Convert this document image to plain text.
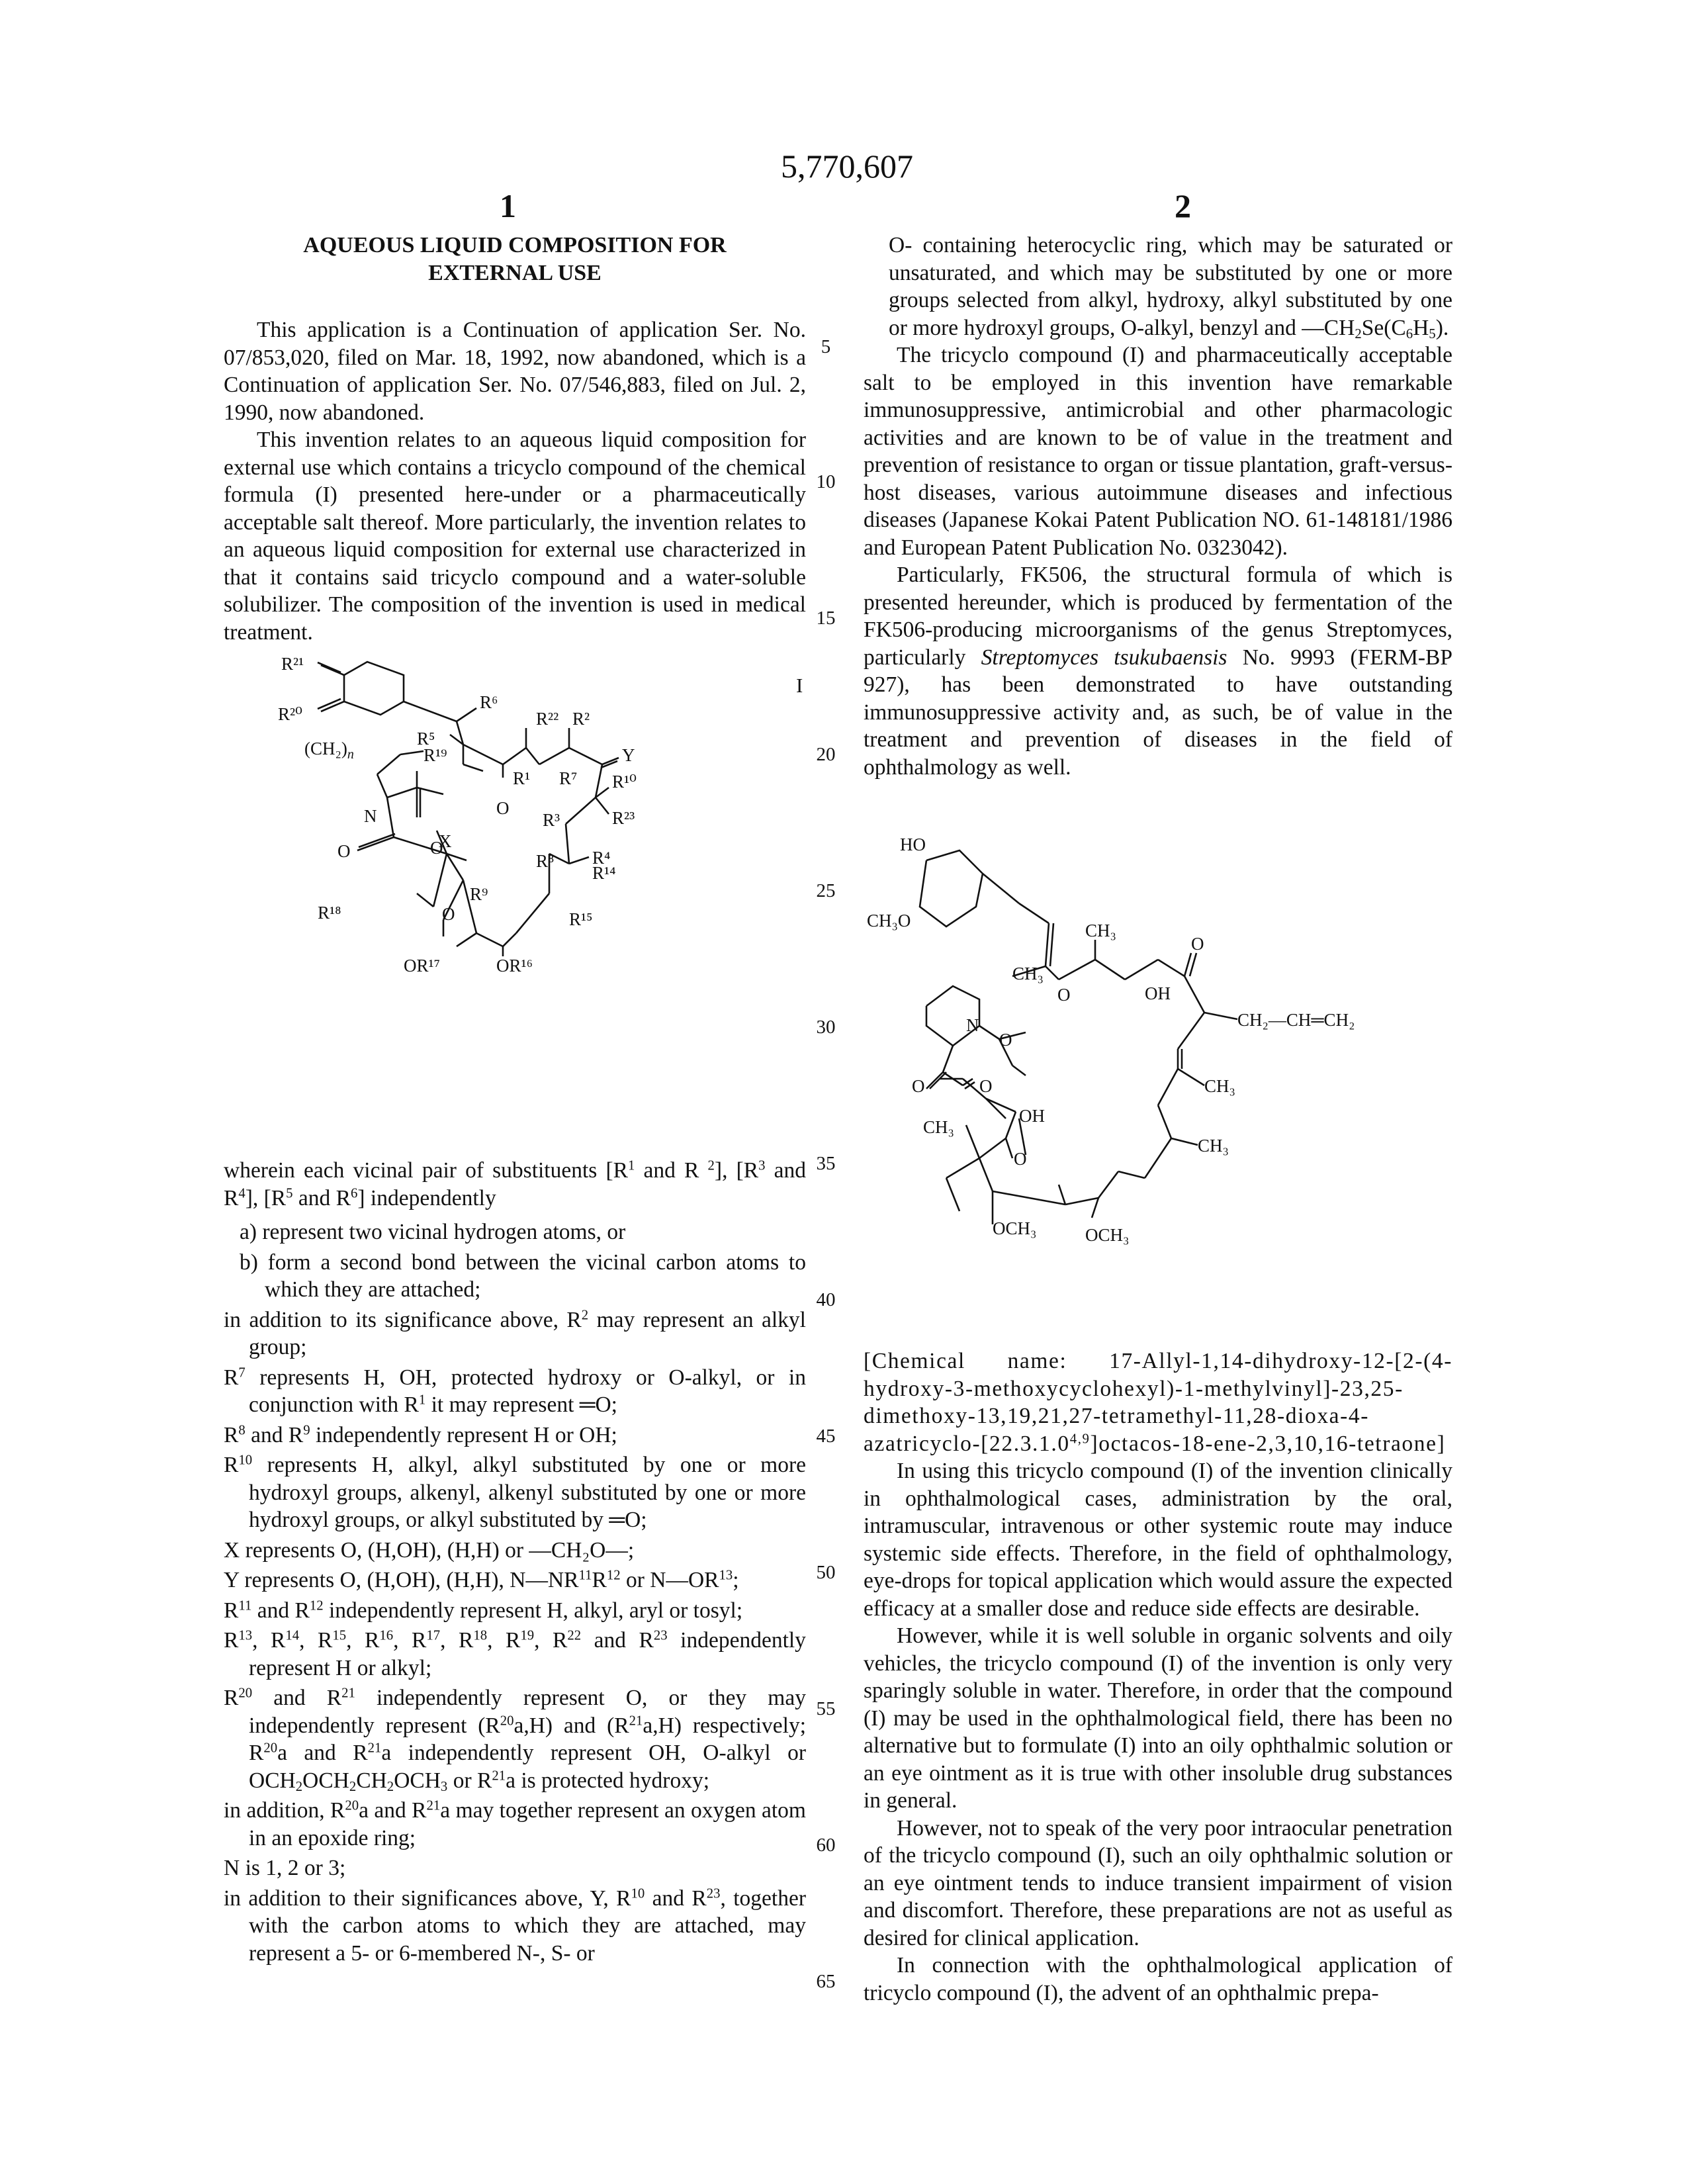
5,770,607
1	2
5
10
15
20
25
30
35
40
45
50
55
60
65
I
AQUEOUS LIQUID COMPOSITION FOR
EXTERNAL USE

This application is a Continuation of application Ser. No. 07/853,020, filed on Mar. 18, 1992, now abandoned, which is a Continuation of application Ser. No. 07/546,883, filed on Jul. 2, 1990, now abandoned.

This invention relates to an aqueous liquid composition for external use which contains a tricyclo compound of the chemical formula (I) presented here-under or a pharmaceutically acceptable salt thereof. More particularly, the invention relates to an aqueous liquid composition for external use characterized in that it contains said tricyclo compound and a water-soluble solubilizer. The composition of the invention is used in medical treatment.

R²¹
R²⁰
R⁶
R²² R²
R⁵
R¹⁹	Y
(CH₂)n
R¹ R⁷ R¹⁰
O
R³	R²³
N
O	R⁴
R¹⁴
X
O	R⁸
R⁹
R¹⁸	O	R¹⁵
OR¹⁷	OR¹⁶

wherein each vicinal pair of substituents [R1 and R 2], [R3 and R4], [R5 and R6] independently

a) represent two vicinal hydrogen atoms, or

b) form a second bond between the vicinal carbon atoms to which they are attached;

in addition to its significance above, R2 may represent an alkyl group;

R7 represents H, OH, protected hydroxy or O-alkyl, or in conjunction with R1 it may represent ═O;

R8 and R9 independently represent H or OH;

R10 represents H, alkyl, alkyl substituted by one or more hydroxyl groups, alkenyl, alkenyl substituted by one or more hydroxyl groups, or alkyl substituted by ═O;

X represents O, (H,OH), (H,H) or —CH₂O—;

Y represents O, (H,OH), (H,H), N—NR11R12 or N—OR13;

R11 and R12 independently represent H, alkyl, aryl or tosyl;

R13, R14, R15, R16, R17, R18, R19, R22 and R23 independently represent H or alkyl;

R20 and R21 independently represent O, or they may independently represent (R20a,H) and (R21a,H) respectively; R20a and R21a independently represent OH, O-alkyl or OCH2OCH2CH2OCH3 or R21a is protected hydroxy;

in addition, R20a and R21a may together represent an oxygen atom in an epoxide ring;

N is 1, 2 or 3;

in addition to their significances above, Y, R10 and R23, together with the carbon atoms to which they are attached, may represent a 5- or 6-membered N-, S- or

O- containing heterocyclic ring, which may be saturated or unsaturated, and which may be substituted by one or more groups selected from alkyl, hydroxy, alkyl substituted by one or more hydroxyl groups, O-alkyl, benzyl and —CH2Se(C6H5).

The tricyclo compound (I) and pharmaceutically acceptable salt to be employed in this invention have remarkable immunosuppressive, antimicrobial and other pharmacologic activities and are known to be of value in the treatment and prevention of resistance to organ or tissue plantation, graft-versus-host diseases, various autoimmune diseases and infectious diseases (Japanese Kokai Patent Publication NO. 61-148181/1986 and European Patent Publication No. 0323042).

Particularly, FK506, the structural formula of which is presented hereunder, which is produced by fermentation of the FK506-producing microorganisms of the genus Streptomyces, particularly Streptomyces tsukubaensis No. 9993 (FERM-BP 927), has been demonstrated to have outstanding immunosuppressive activity and, as such, be of value in the treatment and prevention of diseases in the field of ophthalmology as well.

HO
CH₃O
CH₃
CH₃
O
O	OH
N
O
CH₂—CH═CH₂
O	O	CH₃
OH
CH₃
O
CH₃
OCH₃	OCH₃

[Chemical name: 17-Allyl-1,14-dihydroxy-12-[2-(4-hydroxy-3-methoxycyclohexyl)-1-methylvinyl]-23,25-dimethoxy-13,19,21,27-tetramethyl-11,28-dioxa-4-azatricyclo-[22.3.1.04,9]octacos-18-ene-2,3,10,16-tetraone]

In using this tricyclo compound (I) of the invention clinically in ophthalmological cases, administration by the oral, intramuscular, intravenous or other systemic route may induce systemic side effects. Therefore, in the field of ophthalmology, eye-drops for topical application which would assure the expected efficacy at a smaller dose and reduce side effects are desirable.

However, while it is well soluble in organic solvents and oily vehicles, the tricyclo compound (I) of the invention is only very sparingly soluble in water. Therefore, in order that the compound (I) may be used in the ophthalmological field, there has been no alternative but to formulate (I) into an oily ophthalmic solution or an eye ointment as it is true with other insoluble drug substances in general.

However, not to speak of the very poor intraocular penetration of the tricyclo compound (I), such an oily ophthalmic solution or an eye ointment tends to induce transient impairment of vision and discomfort. Therefore, these preparations are not as useful as desired for clinical application.

In connection with the ophthalmological application of tricyclo compound (I), the advent of an ophthalmic prepa-
